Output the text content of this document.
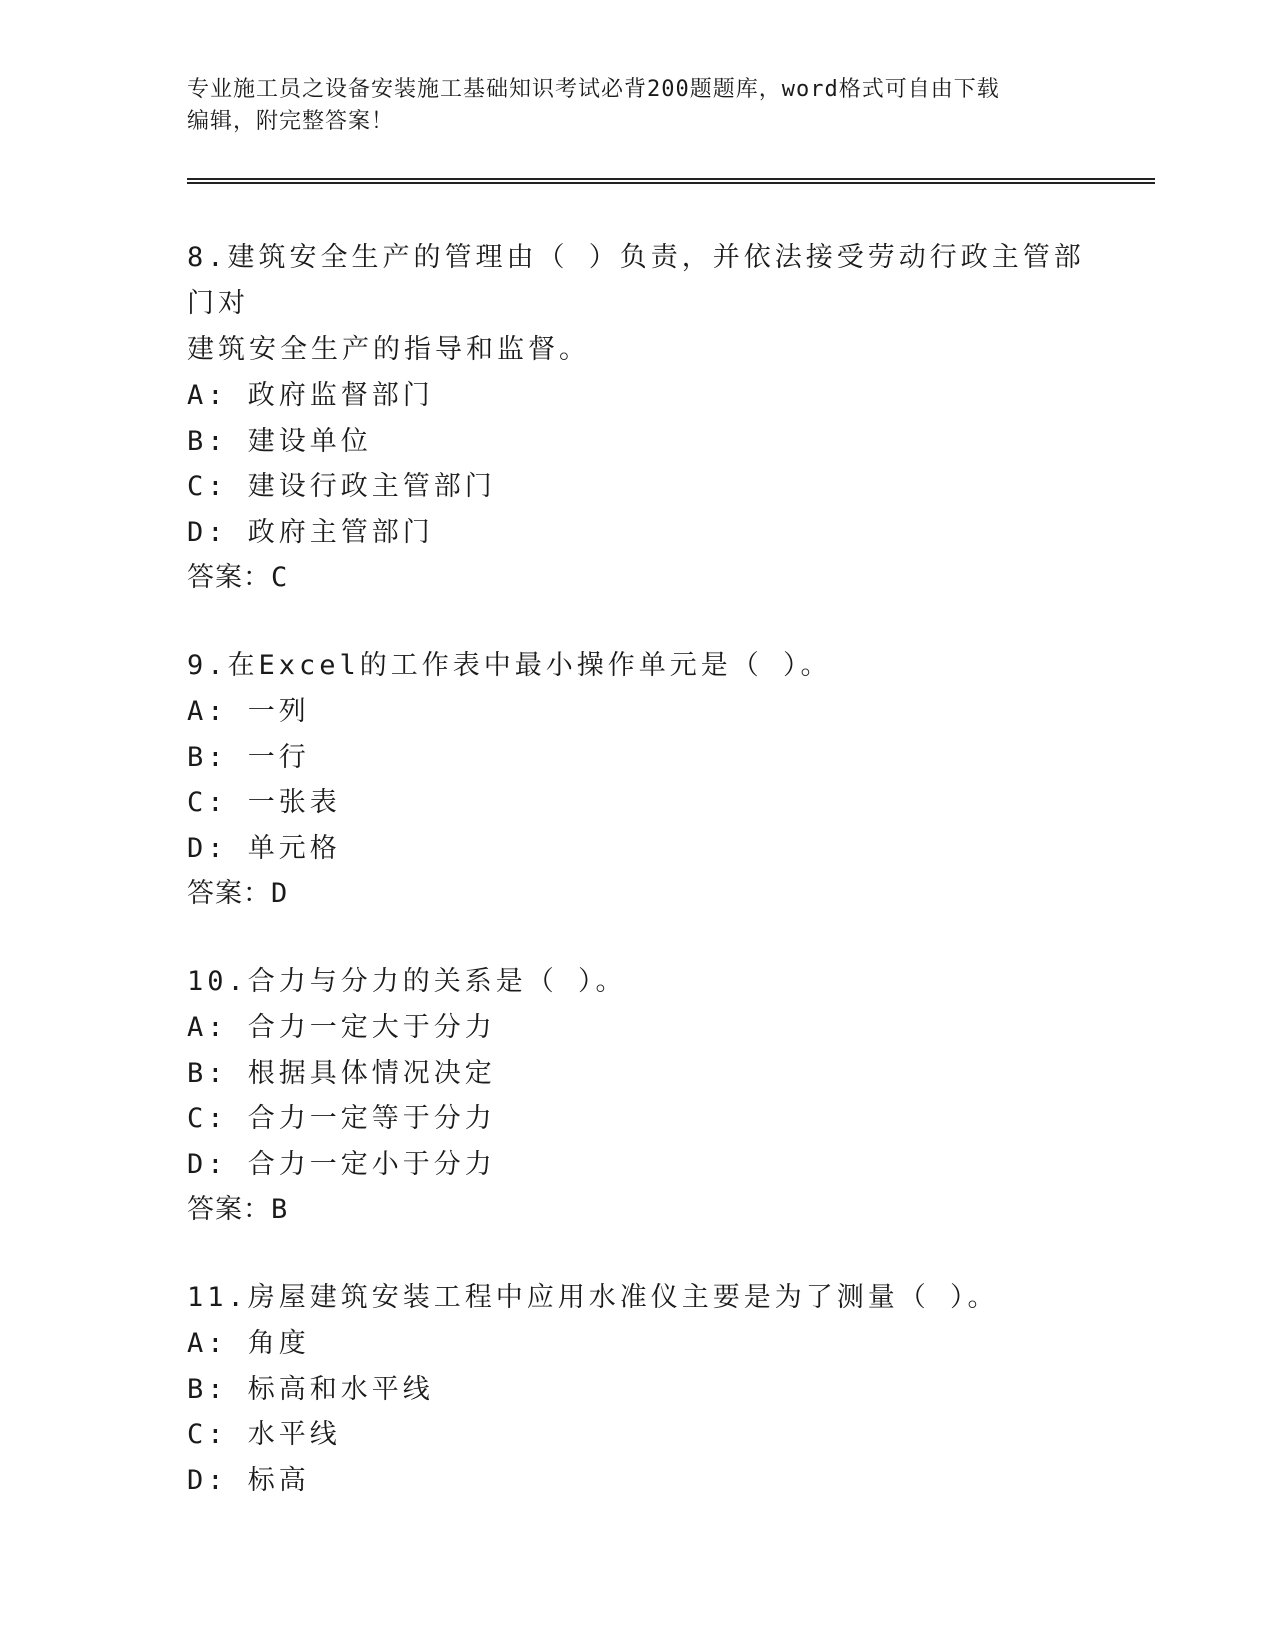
专业施工员之设备安装施工基础知识考试必背200题题库，word格式可自由下载
编辑，附完整答案！

8.建筑安全生产的管理由（ ）负责，并依法接受劳动行政主管部门对

建筑安全生产的指导和监督。

A: 政府监督部门

B: 建设单位

C: 建设行政主管部门

D: 政府主管部门

答案：C

9.在Excel的工作表中最小操作单元是（ ）。

A: 一列

B: 一行

C: 一张表

D: 单元格

答案：D

10.合力与分力的关系是（ ）。

A: 合力一定大于分力

B: 根据具体情况决定

C: 合力一定等于分力

D: 合力一定小于分力

答案：B

11.房屋建筑安装工程中应用水准仪主要是为了测量（ ）。

A: 角度

B: 标高和水平线

C: 水平线

D: 标高
